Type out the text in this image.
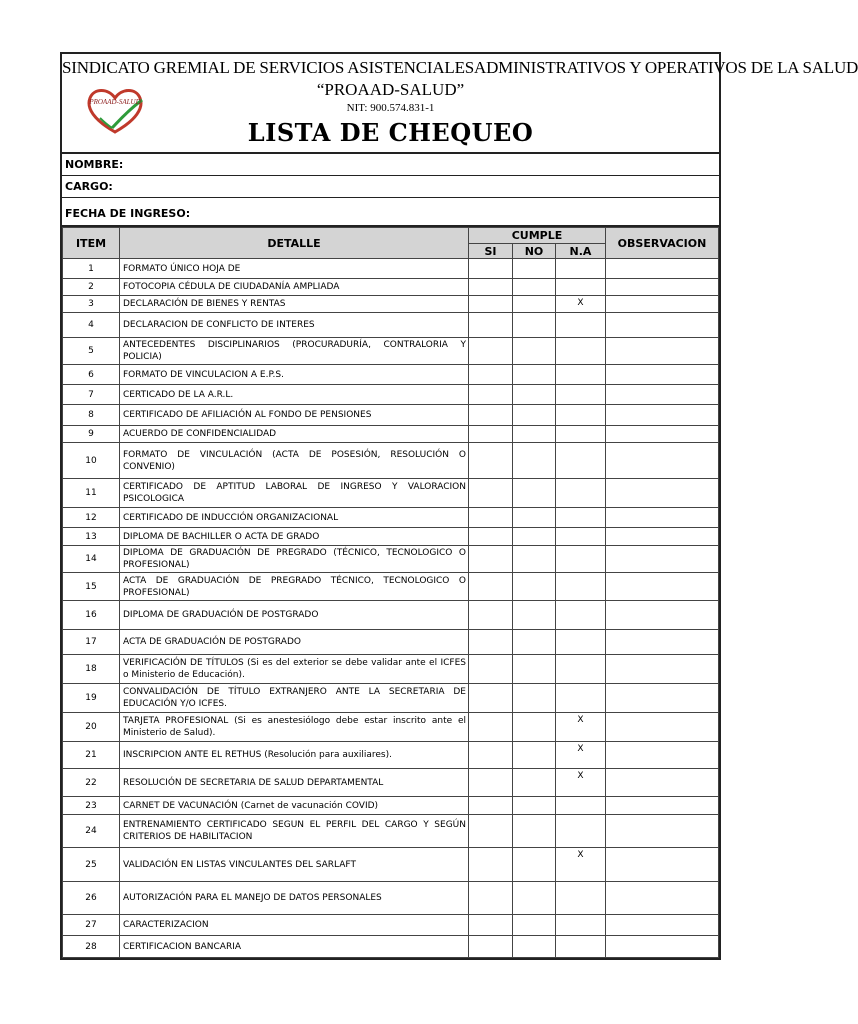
SINDICATO GREMIAL DE SERVICIOS ASISTENCIALESADMINISTRATIVOS Y OPERATIVOS DE LA SALUD
“PROAAD-SALUD”
NIT: 900.574.831-1
LISTA DE CHEQUEO
PROAAD-SALUD
NOMBRE:
CARGO:
FECHA DE INGRESO:
ITEM	DETALLE	CUMPLE			OBSERVACION
		SI	NO	N.A	
1	FORMATO ÚNICO HOJA DE				
2	FOTOCOPIA CÉDULA DE CIUDADANÍA AMPLIADA				
3	DECLARACIÓN DE BIENES Y RENTAS			X	
4	DECLARACION DE CONFLICTO DE INTERES				
5	ANTECEDENTES DISCIPLINARIOS (PROCURADURÍA, CONTRALORIA Y POLICIA)				
6	FORMATO DE VINCULACION A E.P.S.				
7	CERTICADO DE LA A.R.L.				
8	CERTIFICADO DE AFILIACIÓN AL FONDO DE PENSIONES				
9	ACUERDO DE CONFIDENCIALIDAD				
10	FORMATO DE VINCULACIÓN (ACTA DE POSESIÓN, RESOLUCIÓN O CONVENIO)				
11	CERTIFICADO DE APTITUD LABORAL DE INGRESO Y VALORACION PSICOLOGICA				
12	CERTIFICADO DE INDUCCIÓN ORGANIZACIONAL				
13	DIPLOMA DE BACHILLER O ACTA DE GRADO				
14	DIPLOMA DE GRADUACIÓN DE PREGRADO (TÉCNICO, TECNOLOGICO O PROFESIONAL)				
15	ACTA DE GRADUACIÓN DE PREGRADO TÉCNICO, TECNOLOGICO O PROFESIONAL)				
16	DIPLOMA DE GRADUACIÓN DE POSTGRADO				
17	ACTA DE GRADUACIÓN DE POSTGRADO				
18	VERIFICACIÓN DE TÍTULOS (Si es del exterior se debe validar ante el ICFES o Ministerio de Educación).				
19	CONVALIDACIÓN DE TÍTULO EXTRANJERO ANTE LA SECRETARIA DE EDUCACIÓN Y/O ICFES.				
20	TARJETA PROFESIONAL (Si es anestesiólogo debe estar inscrito ante el Ministerio de Salud).			X	
21	INSCRIPCION ANTE EL RETHUS (Resolución para auxiliares).			X	
22	RESOLUCIÓN DE SECRETARIA DE SALUD DEPARTAMENTAL			X	
23	CARNET DE VACUNACIÓN (Carnet de vacunación COVID)				
24	ENTRENAMIENTO CERTIFICADO SEGUN EL PERFIL DEL CARGO Y SEGÚN CRITERIOS DE HABILITACION				
25	VALIDACIÓN EN LISTAS VINCULANTES DEL SARLAFT			X	
26	AUTORIZACIÓN PARA EL MANEJO DE DATOS PERSONALES				
27	CARACTERIZACION				
28	CERTIFICACION BANCARIA				
